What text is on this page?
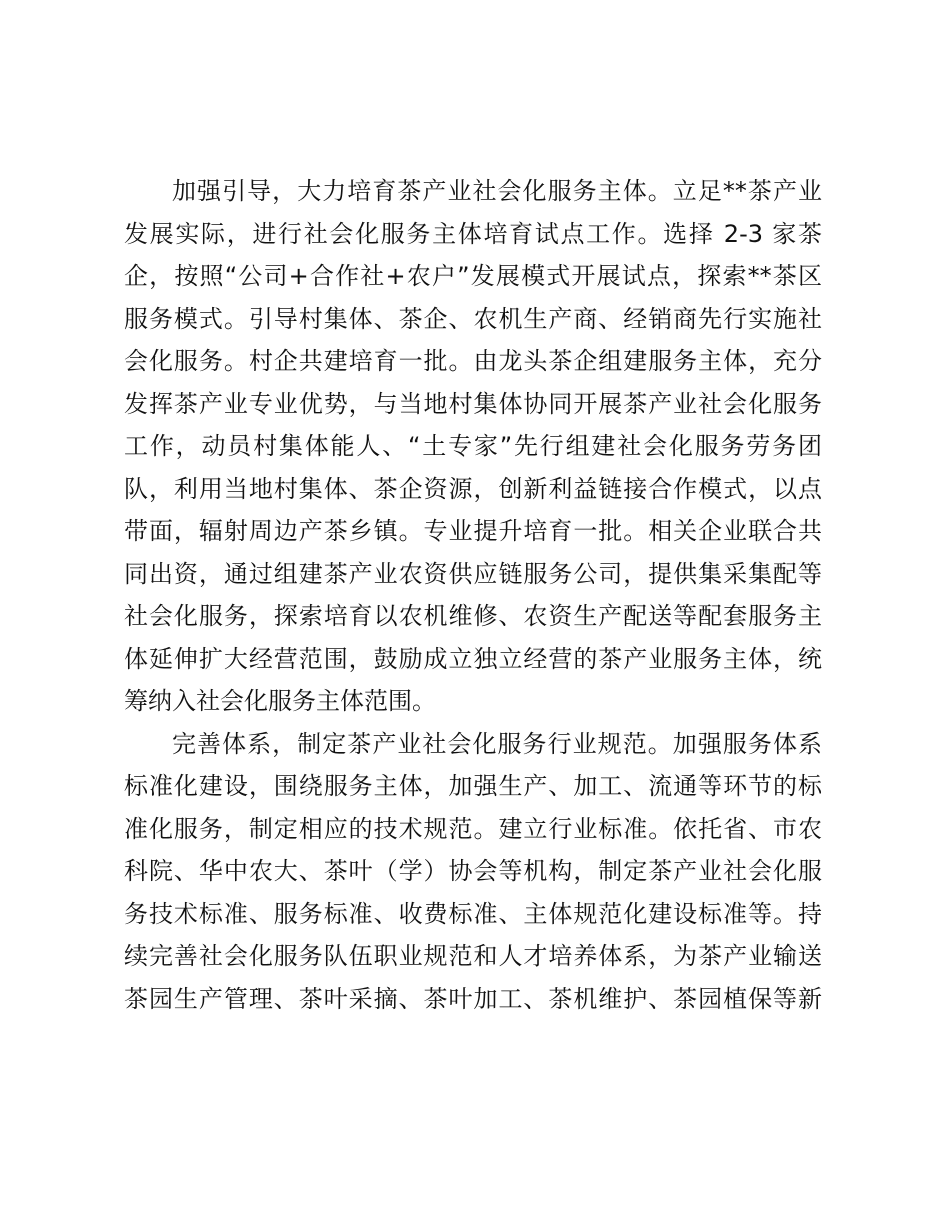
加强引导，大力培育茶产业社会化服务主体。立足**茶产业
发展实际，进行社会化服务主体培育试点工作。选择 2-3 家茶
企，按照“公司+合作社+农户”发展模式开展试点，探索**茶区
服务模式。引导村集体、茶企、农机生产商、经销商先行实施社
会化服务。村企共建培育一批。由龙头茶企组建服务主体，充分
发挥茶产业专业优势，与当地村集体协同开展茶产业社会化服务
工作，动员村集体能人、“土专家”先行组建社会化服务劳务团
队，利用当地村集体、茶企资源，创新利益链接合作模式，以点
带面，辐射周边产茶乡镇。专业提升培育一批。相关企业联合共
同出资，通过组建茶产业农资供应链服务公司，提供集采集配等
社会化服务，探索培育以农机维修、农资生产配送等配套服务主
体延伸扩大经营范围，鼓励成立独立经营的茶产业服务主体，统
筹纳入社会化服务主体范围。
完善体系，制定茶产业社会化服务行业规范。加强服务体系
标准化建设，围绕服务主体，加强生产、加工、流通等环节的标
准化服务，制定相应的技术规范。建立行业标准。依托省、市农
科院、华中农大、茶叶（学）协会等机构，制定茶产业社会化服
务技术标准、服务标准、收费标准、主体规范化建设标准等。持
续完善社会化服务队伍职业规范和人才培养体系，为茶产业输送
茶园生产管理、茶叶采摘、茶叶加工、茶机维护、茶园植保等新
